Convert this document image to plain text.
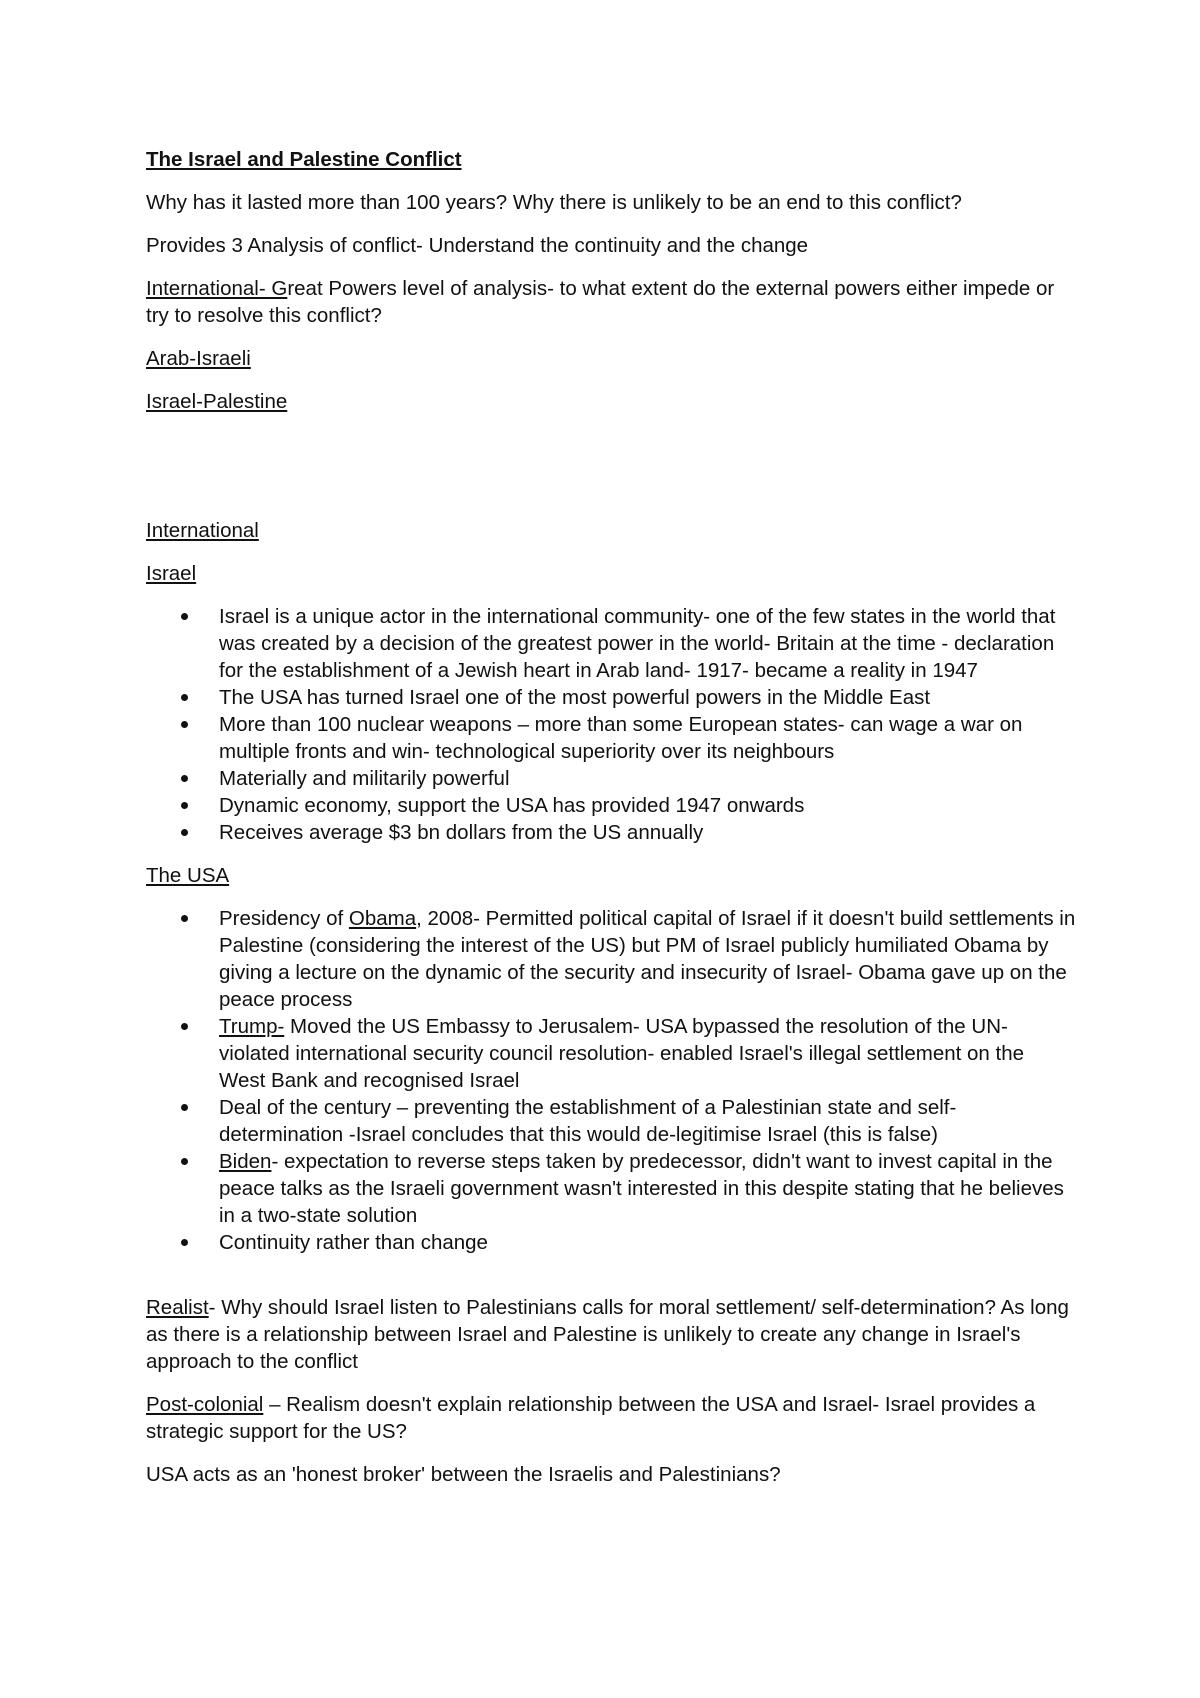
The Israel and Palestine Conflict

Why has it lasted more than 100 years? Why there is unlikely to be an end to this conflict?

Provides 3 Analysis of conflict- Understand the continuity and the change

International- Great Powers level of analysis- to what extent do the external powers either impede or try to resolve this conflict?

Arab-Israeli

Israel-Palestine

International

Israel

Israel is a unique actor in the international community- one of the few states in the world that was created by a decision of the greatest power in the world- Britain at the time - declaration for the establishment of a Jewish heart in Arab land- 1917- became a reality in 1947
The USA has turned Israel one of the most powerful powers in the Middle East
More than 100 nuclear weapons – more than some European states- can wage a war on multiple fronts and win- technological superiority over its neighbours
Materially and militarily powerful
Dynamic economy, support the USA has provided 1947 onwards
Receives average $3 bn dollars from the US annually

The USA

Presidency of Obama, 2008- Permitted political capital of Israel if it doesn't build settlements in Palestine (considering the interest of the US) but PM of Israel publicly humiliated Obama by giving a lecture on the dynamic of the security and insecurity of Israel- Obama gave up on the peace process
Trump- Moved the US Embassy to Jerusalem- USA bypassed the resolution of the UN- violated international security council resolution- enabled Israel's illegal settlement on the West Bank and recognised Israel
Deal of the century – preventing the establishment of a Palestinian state and self-determination -Israel concludes that this would de-legitimise Israel (this is false)
Biden- expectation to reverse steps taken by predecessor, didn't want to invest capital in the peace talks as the Israeli government wasn't interested in this despite stating that he believes in a two-state solution
Continuity rather than change

Realist- Why should Israel listen to Palestinians calls for moral settlement/ self-determination? As long as there is a relationship between Israel and Palestine is unlikely to create any change in Israel's approach to the conflict

Post-colonial – Realism doesn't explain relationship between the USA and Israel- Israel provides a strategic support for the US?

USA acts as an 'honest broker' between the Israelis and Palestinians?
